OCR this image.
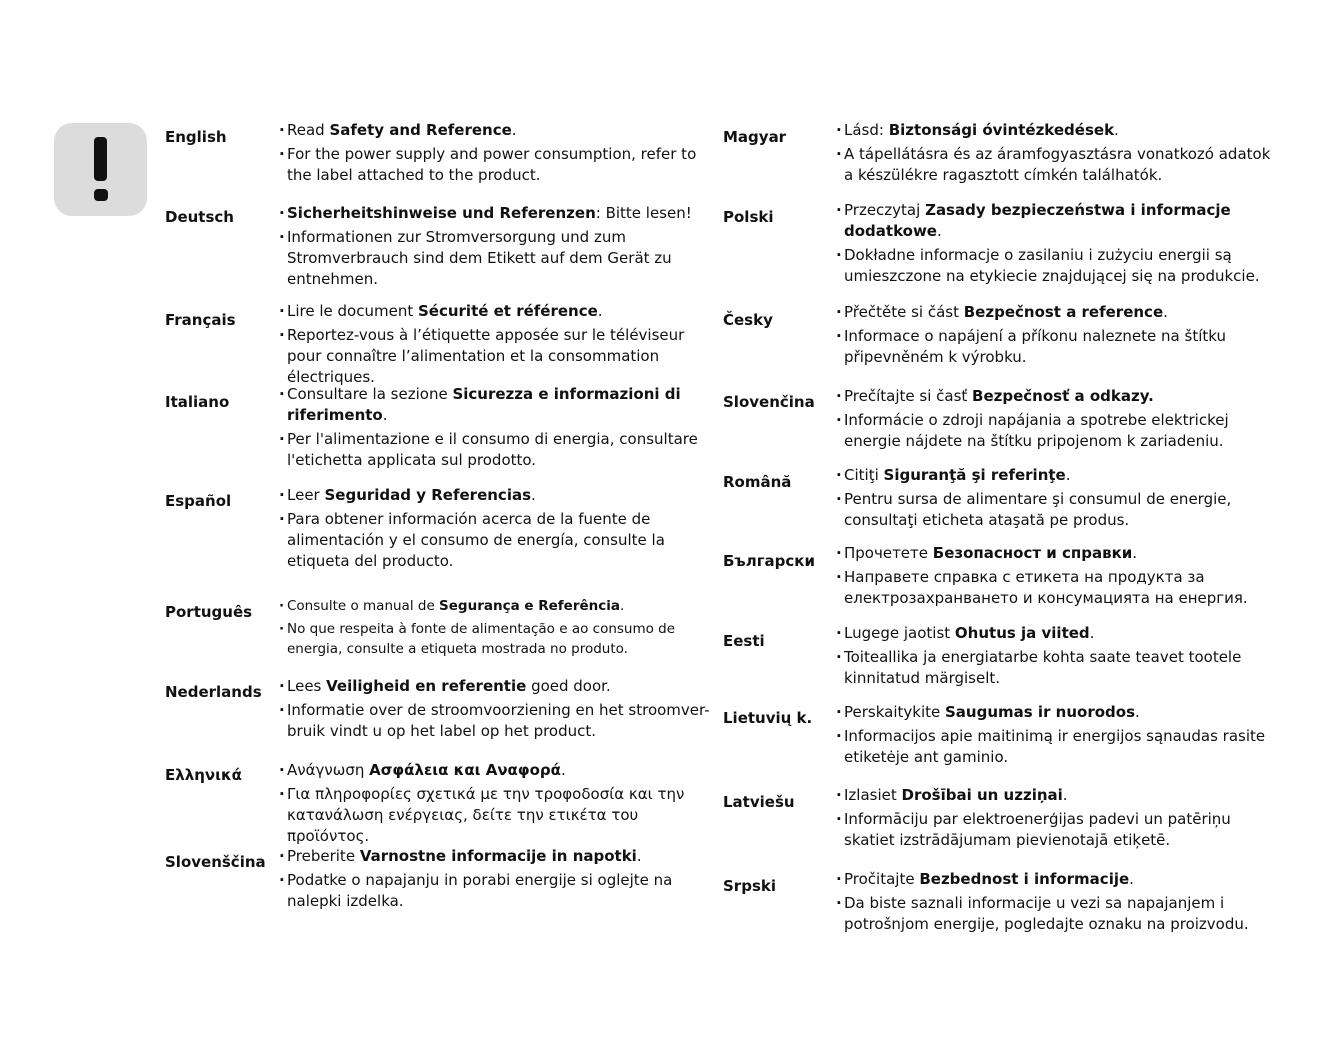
English	· Read Safety and Reference.
· For the power supply and power consumption, refer to the label attached to the product.
Deutsch	· Sicherheitshinweise und Referenzen: Bitte lesen!
· Informationen zur Stromversorgung und zum Stromverbrauch sind dem Etikett auf dem Gerät zu entnehmen.
Français	· Lire le document Sécurité et référence.
· Reportez-vous à l’étiquette apposée sur le téléviseur pour connaître l’alimentation et la consommation électriques.
Italiano	· Consultare la sezione Sicurezza e informazioni di riferimento.
· Per l'alimentazione e il consumo di energia, consultare l'etichetta applicata sul prodotto.
Español	· Leer Seguridad y Referencias.
· Para obtener información acerca de la fuente de alimentación y el consumo de energía, consulte la etiqueta del producto.
Português	· Consulte o manual de Segurança e Referência.
· No que respeita à fonte de alimentação e ao consumo de energia, consulte a etiqueta mostrada no produto.
Nederlands	· Lees Veiligheid en referentie goed door.
· Informatie over de stroomvoorziening en het stroomver-bruik vindt u op het label op het product.
Ελληνικά	· Ανάγνωση Ασφάλεια και Αναφορά.
· Για πληροφορίες σχετικά με την τροφοδοσία και την κατανάλωση ενέργειας, δείτε την ετικέτα του προϊόντος.
Slovenščina	· Preberite Varnostne informacije in napotki.
· Podatke o napajanju in porabi energije si oglejte na nalepki izdelka.
Magyar	· Lásd: Biztonsági óvintézkedések.
· A tápellátásra és az áramfogyasztásra vonatkozó adatok a készülékre ragasztott címkén találhatók.
Polski	· Przeczytaj Zasady bezpieczeństwa i informacje dodatkowe.
· Dokładne informacje o zasilaniu i zużyciu energii są umieszczone na etykiecie znajdującej się na produkcie.
Česky	· Přečtěte si část Bezpečnost a reference.
· Informace o napájení a příkonu naleznete na štítku připevněném k výrobku.
Slovenčina	· Prečítajte si časť Bezpečnosť a odkazy.
· Informácie o zdroji napájania a spotrebe elektrickej energie nájdete na štítku pripojenom k zariadeniu.
Română	· Citiţi Siguranţă şi referinţe.
· Pentru sursa de alimentare şi consumul de energie, consultaţi eticheta ataşată pe produs.
Български	· Прочетете Безопасност и справки.
· Направете справка с етикета на продукта за електрозахранването и консумацията на енергия.
Eesti	· Lugege jaotist Ohutus ja viited.
· Toiteallika ja energiatarbe kohta saate teavet tootele kinnitatud märgiselt.
Lietuvių k.	· Perskaitykite Saugumas ir nuorodos.
· Informacijos apie maitinimą ir energijos sąnaudas rasite etiketėje ant gaminio.
Latviešu	· Izlasiet Drošībai un uzziņai.
· Informāciju par elektroenerģijas padevi un patēriņu skatiet izstrādājumam pievienotajā etiķetē.
Srpski	· Pročitajte Bezbednost i informacije.
· Da biste saznali informacije u vezi sa napajanjem i potrošnjom energije, pogledajte oznaku na proizvodu.
